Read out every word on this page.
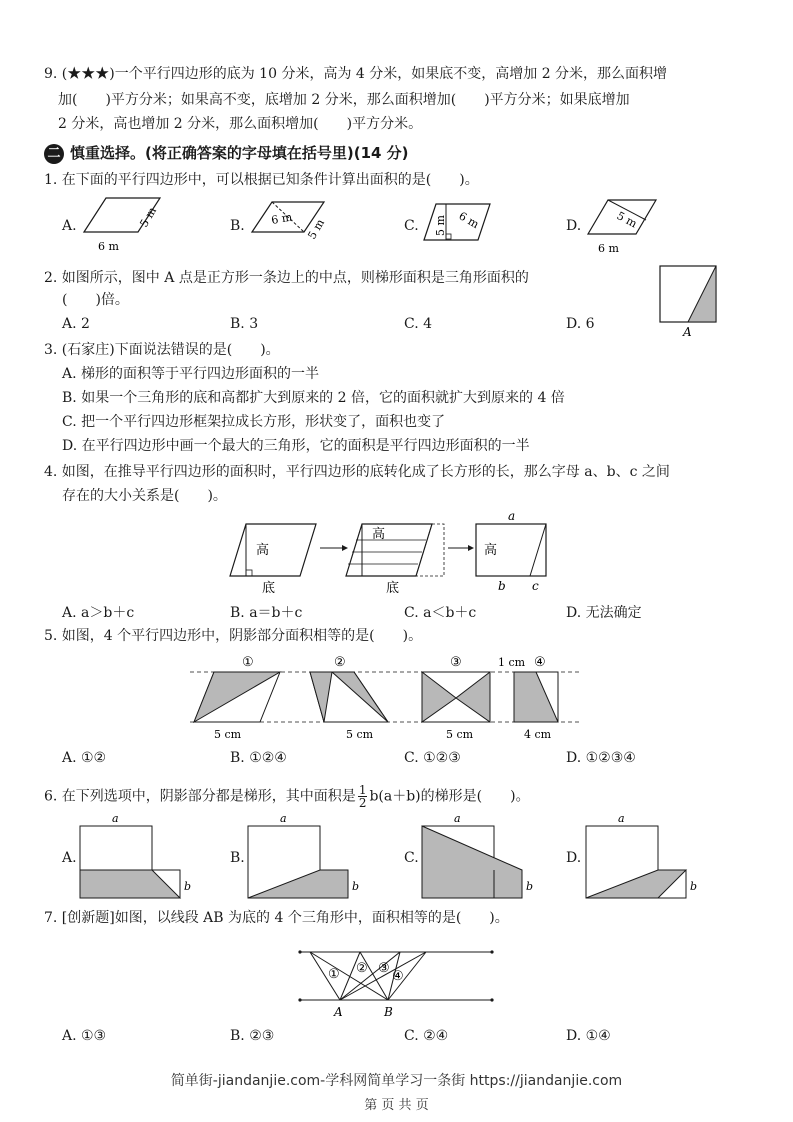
9. (★★★)一个平行四边形的底为 10 分米，高为 4 分米，如果底不变，高增加 2 分米，那么面积增
加(　　)平方分米；如果高不变，底增加 2 分米，那么面积增加(　　)平方分米；如果底增加
2 分米，高也增加 2 分米，那么面积增加(　　)平方分米。
二 慎重选择。(将正确答案的字母填在括号里)(14 分)
1. 在下面的平行四边形中，可以根据已知条件计算出面积的是(　　)。
A.	B.	C.	D.
6 m
5 m	6 m 5 m	6 m
5 m	5 m
6 m
2. 如图所示，图中 A 点是正方形一条边上的中点，则梯形面积是三角形面积的
(　　)倍。
A. 2	B. 3	C. 4	D. 6	A
3. (石家庄)下面说法错误的是(　　)。
A. 梯形的面积等于平行四边形面积的一半
B. 如果一个三角形的底和高都扩大到原来的 2 倍，它的面积就扩大到原来的 4 倍
C. 把一个平行四边形框架拉成长方形，形状变了，面积也变了
D. 在平行四边形中画一个最大的三角形，它的面积是平行四边形面积的一半
4. 如图，在推导平行四边形的面积时，平行四边形的底转化成了长方形的长，那么字母 a、b、c 之间
存在的大小关系是(　　)。
高
底
高
底
a
高
b c
A. a＞b＋c	B. a＝b＋c	C. a＜b＋c	D. 无法确定
5. 如图，4 个平行四边形中，阴影部分面积相等的是(　　)。
①
5 cm
②
5 cm
③
5 cm
1 cm ④
4 cm
A. ①②	B. ①②④	C. ①②③	D. ①②③④
6. 在下列选项中，阴影部分都是梯形，其中面积是 $\frac{1}{2} b(a+b)$的梯形是(　　)。
A.	B.	C.	D.
a
b
a
b
a
b
a
b
7. [创新题]如图，以线段 AB 为底的 4 个三角形中，面积相等的是(　　)。
① ② ③
④
A	B
A. ①③	B. ②③	C. ②④	D. ①④
简单街-jiandanjie.com-学科网简单学习一条街 https://jiandanjie.com
第 页 共 页
